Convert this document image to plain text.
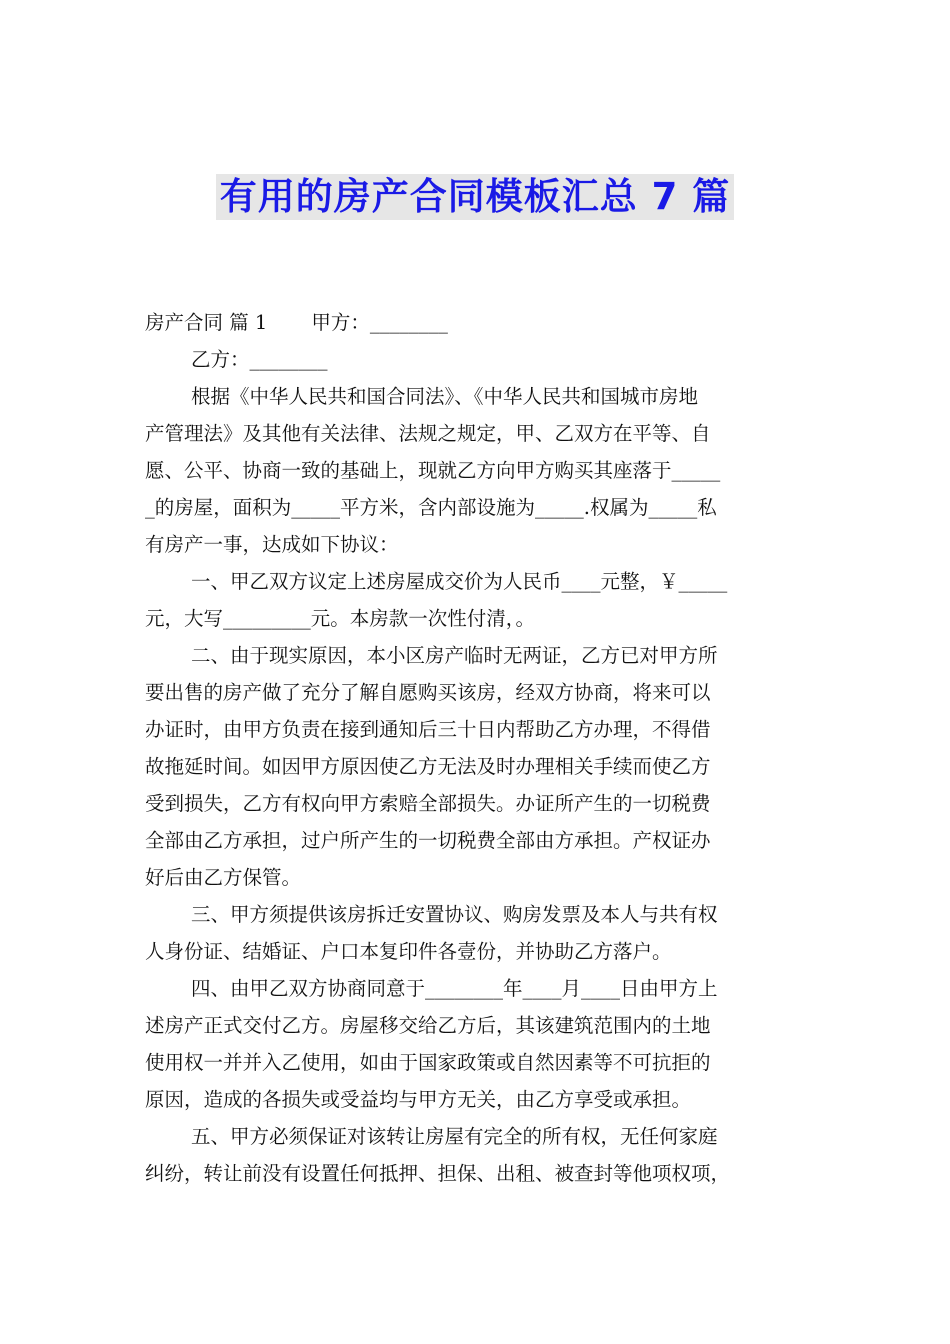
有用的房产合同模板汇总 7 篇
房产合同 篇 1 甲方：________
乙方：________
根据《中华人民共和国合同法》、《中华人民共和国城市房地
产管理法》及其他有关法律、法规之规定，甲、乙双方在平等、自
愿、公平、协商一致的基础上，现就乙方向甲方购买其座落于_____
_的房屋，面积为_____平方米，含内部设施为_____.权属为_____私
有房产一事，达成如下协议：
一、甲乙双方议定上述房屋成交价为人民币____元整，￥_____
元，大写_________元。本房款一次性付清，。
二、由于现实原因，本小区房产临时无两证，乙方已对甲方所
要出售的房产做了充分了解自愿购买该房，经双方协商，将来可以
办证时，由甲方负责在接到通知后三十日内帮助乙方办理，不得借
故拖延时间。如因甲方原因使乙方无法及时办理相关手续而使乙方
受到损失，乙方有权向甲方索赔全部损失。办证所产生的一切税费
全部由乙方承担，过户所产生的一切税费全部由方承担。产权证办
好后由乙方保管。
三、甲方须提供该房拆迁安置协议、购房发票及本人与共有权
人身份证、结婚证、户口本复印件各壹份，并协助乙方落户。
四、由甲乙双方协商同意于________年____月____日由甲方上
述房产正式交付乙方。房屋移交给乙方后，其该建筑范围内的土地
使用权一并并入乙使用，如由于国家政策或自然因素等不可抗拒的
原因，造成的各损失或受益均与甲方无关，由乙方享受或承担。
五、甲方必须保证对该转让房屋有完全的所有权，无任何家庭
纠纷，转让前没有设置任何抵押、担保、出租、被查封等他项权项，
